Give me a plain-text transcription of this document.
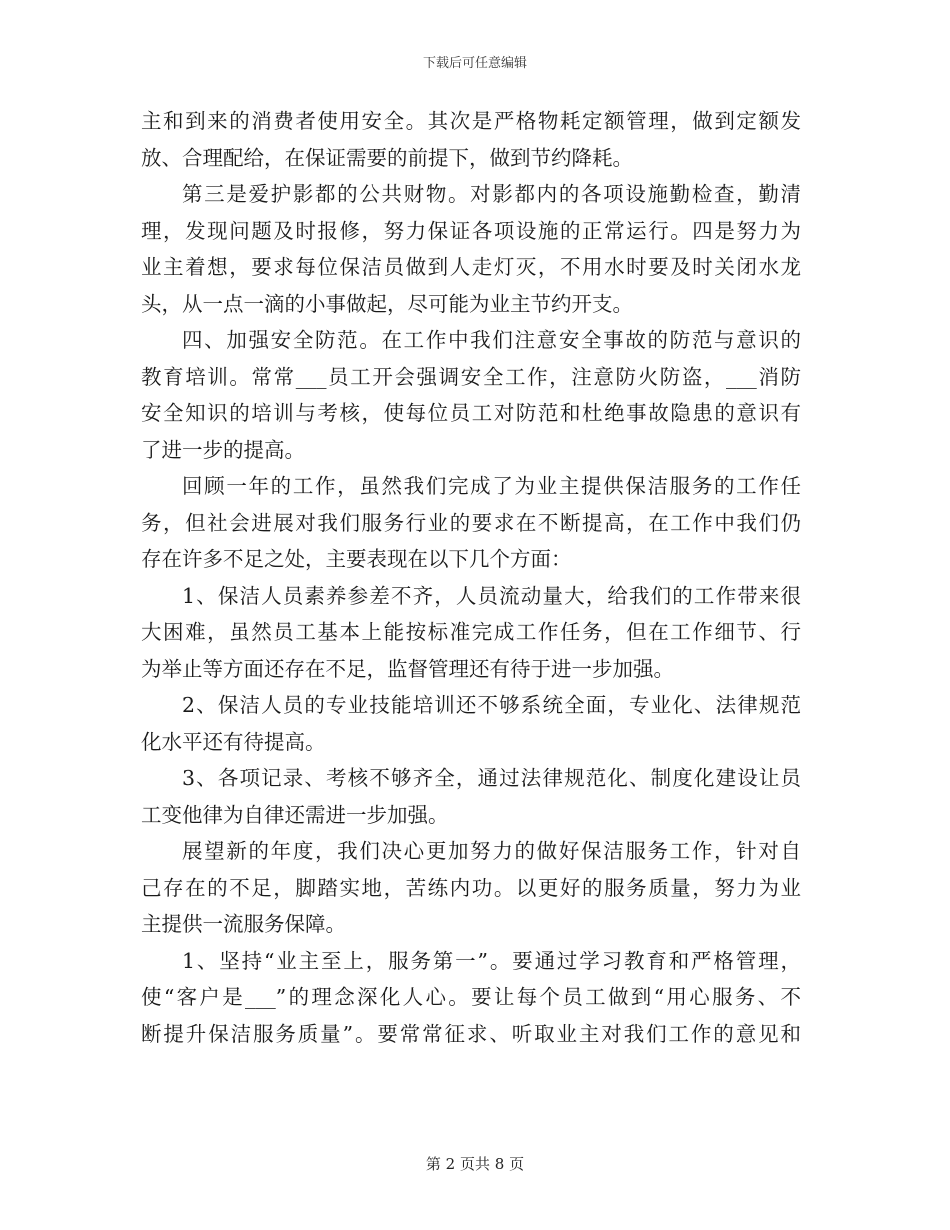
下载后可任意编辑
主和到来的消费者使用安全。其次是严格物耗定额管理，做到定额发
放、合理配给，在保证需要的前提下，做到节约降耗。
第三是爱护影都的公共财物。对影都内的各项设施勤检查，勤清
理，发现问题及时报修，努力保证各项设施的正常运行。四是努力为
业主着想，要求每位保洁员做到人走灯灭，不用水时要及时关闭水龙
头，从一点一滴的小事做起，尽可能为业主节约开支。
四、加强安全防范。在工作中我们注意安全事故的防范与意识的
教育培训。常常___员工开会强调安全工作，注意防火防盗，___消防
安全知识的培训与考核，使每位员工对防范和杜绝事故隐患的意识有
了进一步的提高。
回顾一年的工作，虽然我们完成了为业主提供保洁服务的工作任
务，但社会进展对我们服务行业的要求在不断提高，在工作中我们仍
存在许多不足之处，主要表现在以下几个方面：
1、保洁人员素养参差不齐，人员流动量大，给我们的工作带来很
大困难，虽然员工基本上能按标准完成工作任务，但在工作细节、行
为举止等方面还存在不足，监督管理还有待于进一步加强。
2、保洁人员的专业技能培训还不够系统全面，专业化、法律规范
化水平还有待提高。
3、各项记录、考核不够齐全，通过法律规范化、制度化建设让员
工变他律为自律还需进一步加强。
展望新的年度，我们决心更加努力的做好保洁服务工作，针对自
己存在的不足，脚踏实地，苦练内功。以更好的服务质量，努力为业
主提供一流服务保障。
1、坚持“业主至上，服务第一”。要通过学习教育和严格管理，
使“客户是___”的理念深化人心。要让每个员工做到“用心服务、不
断提升保洁服务质量”。要常常征求、听取业主对我们工作的意见和
第 2 页共 8 页
